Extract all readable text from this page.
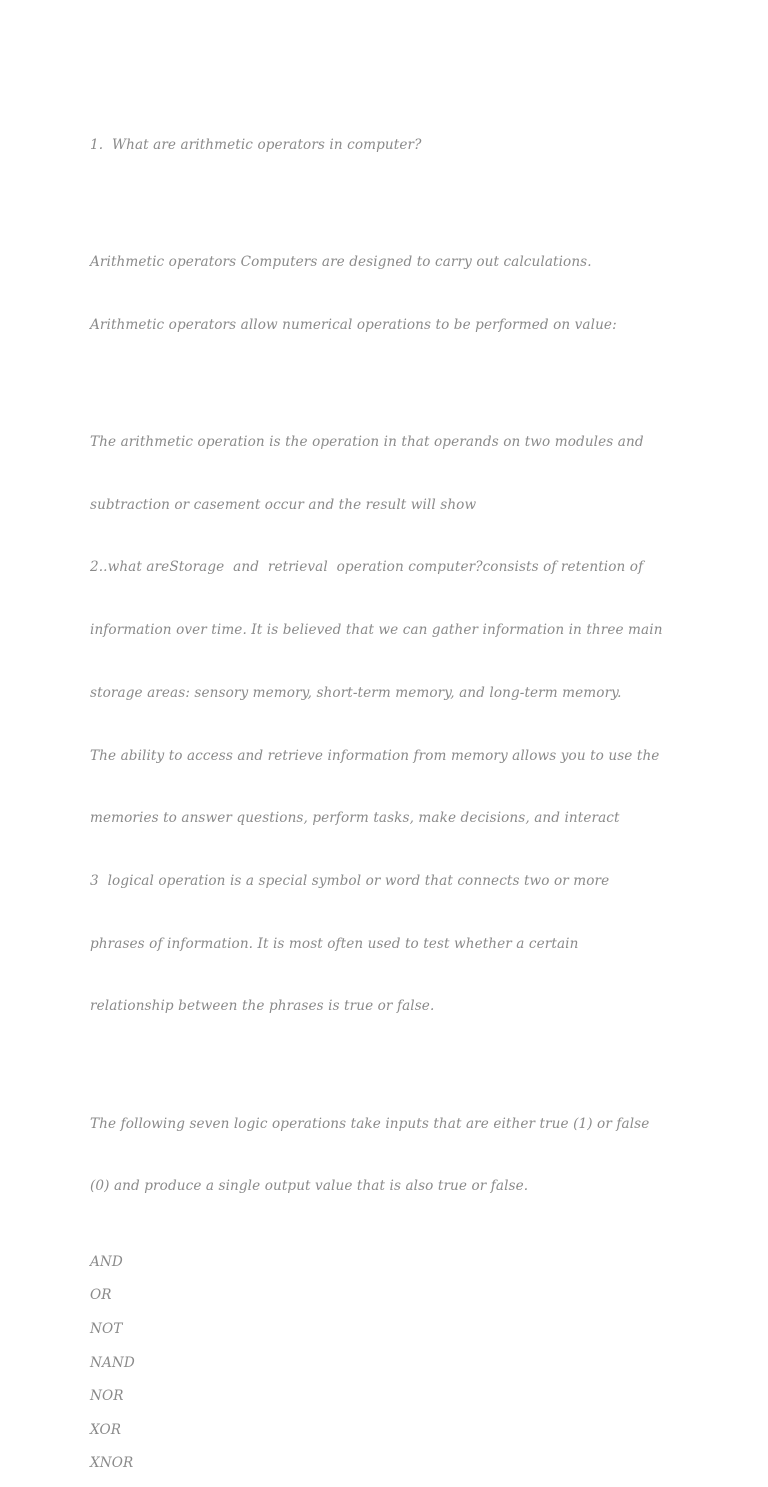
1.  What are arithmetic operators in computer?

Arithmetic operators Computers are designed to carry out calculations.

Arithmetic operators allow numerical operations to be performed on value:

The arithmetic operation is the operation in that operands on two modules and

subtraction or casement occur and the result will show

2..what areStorage  and  retrieval  operation computer?consists of retention of

information over time. It is believed that we can gather information in three main

storage areas: sensory memory, short-term memory, and long-term memory.

The ability to access and retrieve information from memory allows you to use the

memories to answer questions, perform tasks, make decisions, and interact

3  logical operation is a special symbol or word that connects two or more

phrases of information. It is most often used to test whether a certain

relationship between the phrases is true or false.

The following seven logic operations take inputs that are either true (1) or false

(0) and produce a single output value that is also true or false.

AND
OR
NOT
NAND
NOR
XOR
XNOR
